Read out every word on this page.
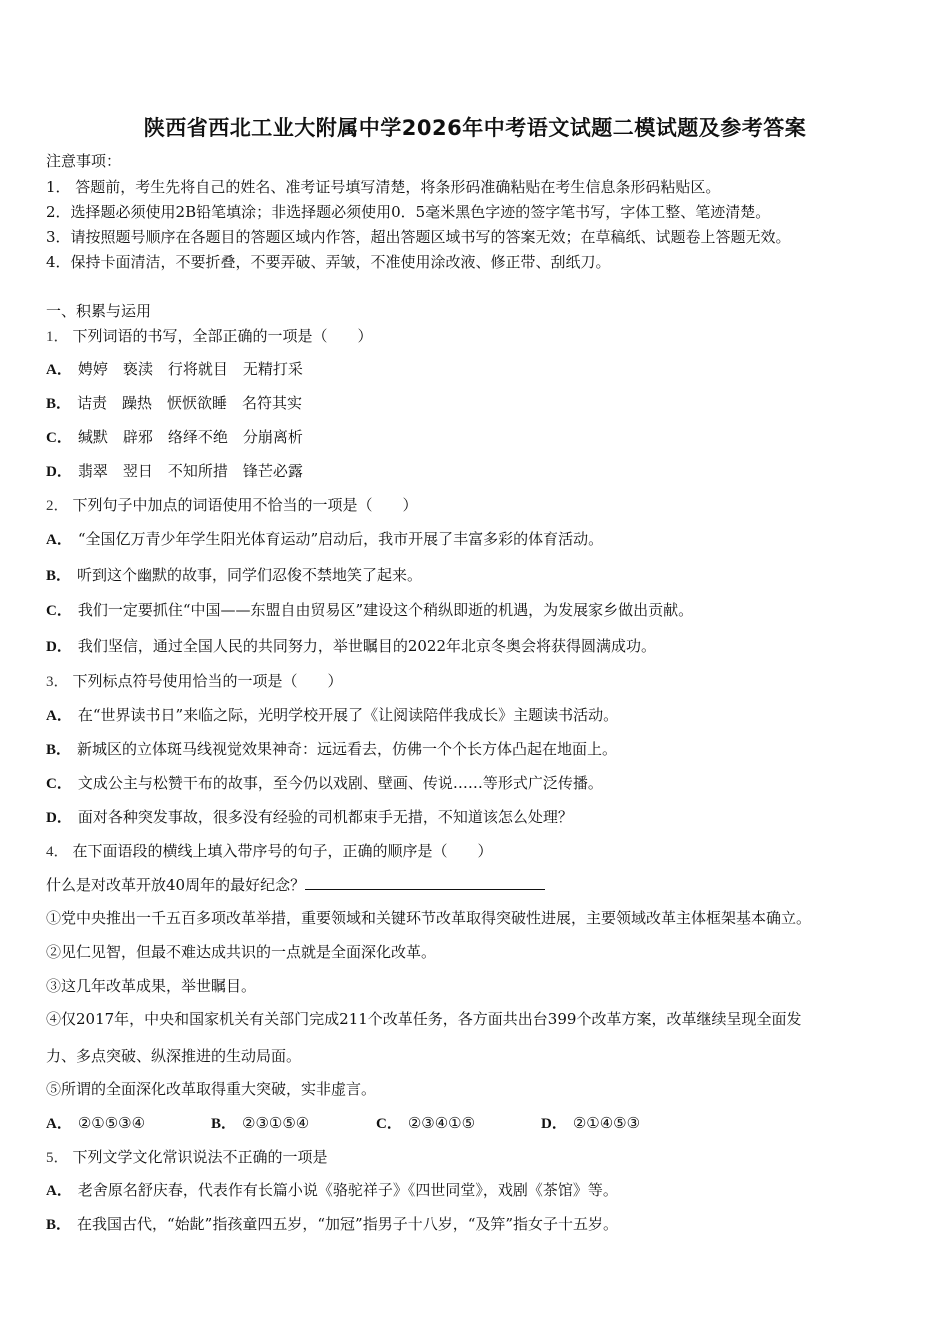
陕西省西北工业大附属中学2026年中考语文试题二模试题及参考答案
注意事项：
1． 答题前，考生先将自己的姓名、准考证号填写清楚，将条形码准确粘贴在考生信息条形码粘贴区。
2．选择题必须使用2B铅笔填涂；非选择题必须使用0．5毫米黑色字迹的签字笔书写，字体工整、笔迹清楚。
3．请按照题号顺序在各题目的答题区域内作答，超出答题区域书写的答案无效；在草稿纸、试题卷上答题无效。
4．保持卡面清洁，不要折叠，不要弄破、弄皱，不准使用涂改液、修正带、刮纸刀。
一、积累与运用
1． 下列词语的书写，全部正确的一项是（　　）
A． 娉婷　亵渎　行将就目　无精打采
B． 诘责　躁热　恹恹欲睡　名符其实
C． 缄默　辟邪　络绎不绝　分崩离析
D． 翡翠　翌日　不知所措　锋芒必露
2． 下列句子中加点的词语使用不恰当的一项是（　　）
A． “全国亿万青少年学生阳光体育运动”启动后，我市开展了丰富多彩的体育活动。
B． 听到这个幽默的故事，同学们忍俊不禁地笑了起来。
C． 我们一定要抓住“中国——东盟自由贸易区”建设这个稍纵即逝的机遇，为发展家乡做出贡献。
D． 我们坚信，通过全国人民的共同努力，举世瞩目的2022年北京冬奥会将获得圆满成功。
3． 下列标点符号使用恰当的一项是（　　）
A． 在“世界读书日”来临之际，光明学校开展了《让阅读陪伴我成长》主题读书活动。
B． 新城区的立体斑马线视觉效果神奇：远远看去，仿佛一个个长方体凸起在地面上。
C． 文成公主与松赞干布的故事，至今仍以戏剧、壁画、传说……等形式广泛传播。
D． 面对各种突发事故，很多没有经验的司机都束手无措，不知道该怎么处理？
4． 在下面语段的横线上填入带序号的句子，正确的顺序是（　　）
什么是对改革开放40周年的最好纪念？
①党中央推出一千五百多项改革举措，重要领域和关键环节改革取得突破性进展，主要领域改革主体框架基本确立。
②见仁见智，但最不难达成共识的一点就是全面深化改革。
③这几年改革成果，举世瞩目。
④仅2017年，中央和国家机关有关部门完成211个改革任务，各方面共出台399个改革方案，改革继续呈现全面发
力、多点突破、纵深推进的生动局面。
⑤所谓的全面深化改革取得重大突破，实非虚言。
A． ②①⑤③④	B． ②③①⑤④	C． ②③④①⑤	D． ②①④⑤③
5． 下列文学文化常识说法不正确的一项是
A． 老舍原名舒庆春，代表作有长篇小说《骆驼祥子》《四世同堂》，戏剧《茶馆》等。
B． 在我国古代，“始龀”指孩童四五岁，“加冠”指男子十八岁，“及笄”指女子十五岁。
